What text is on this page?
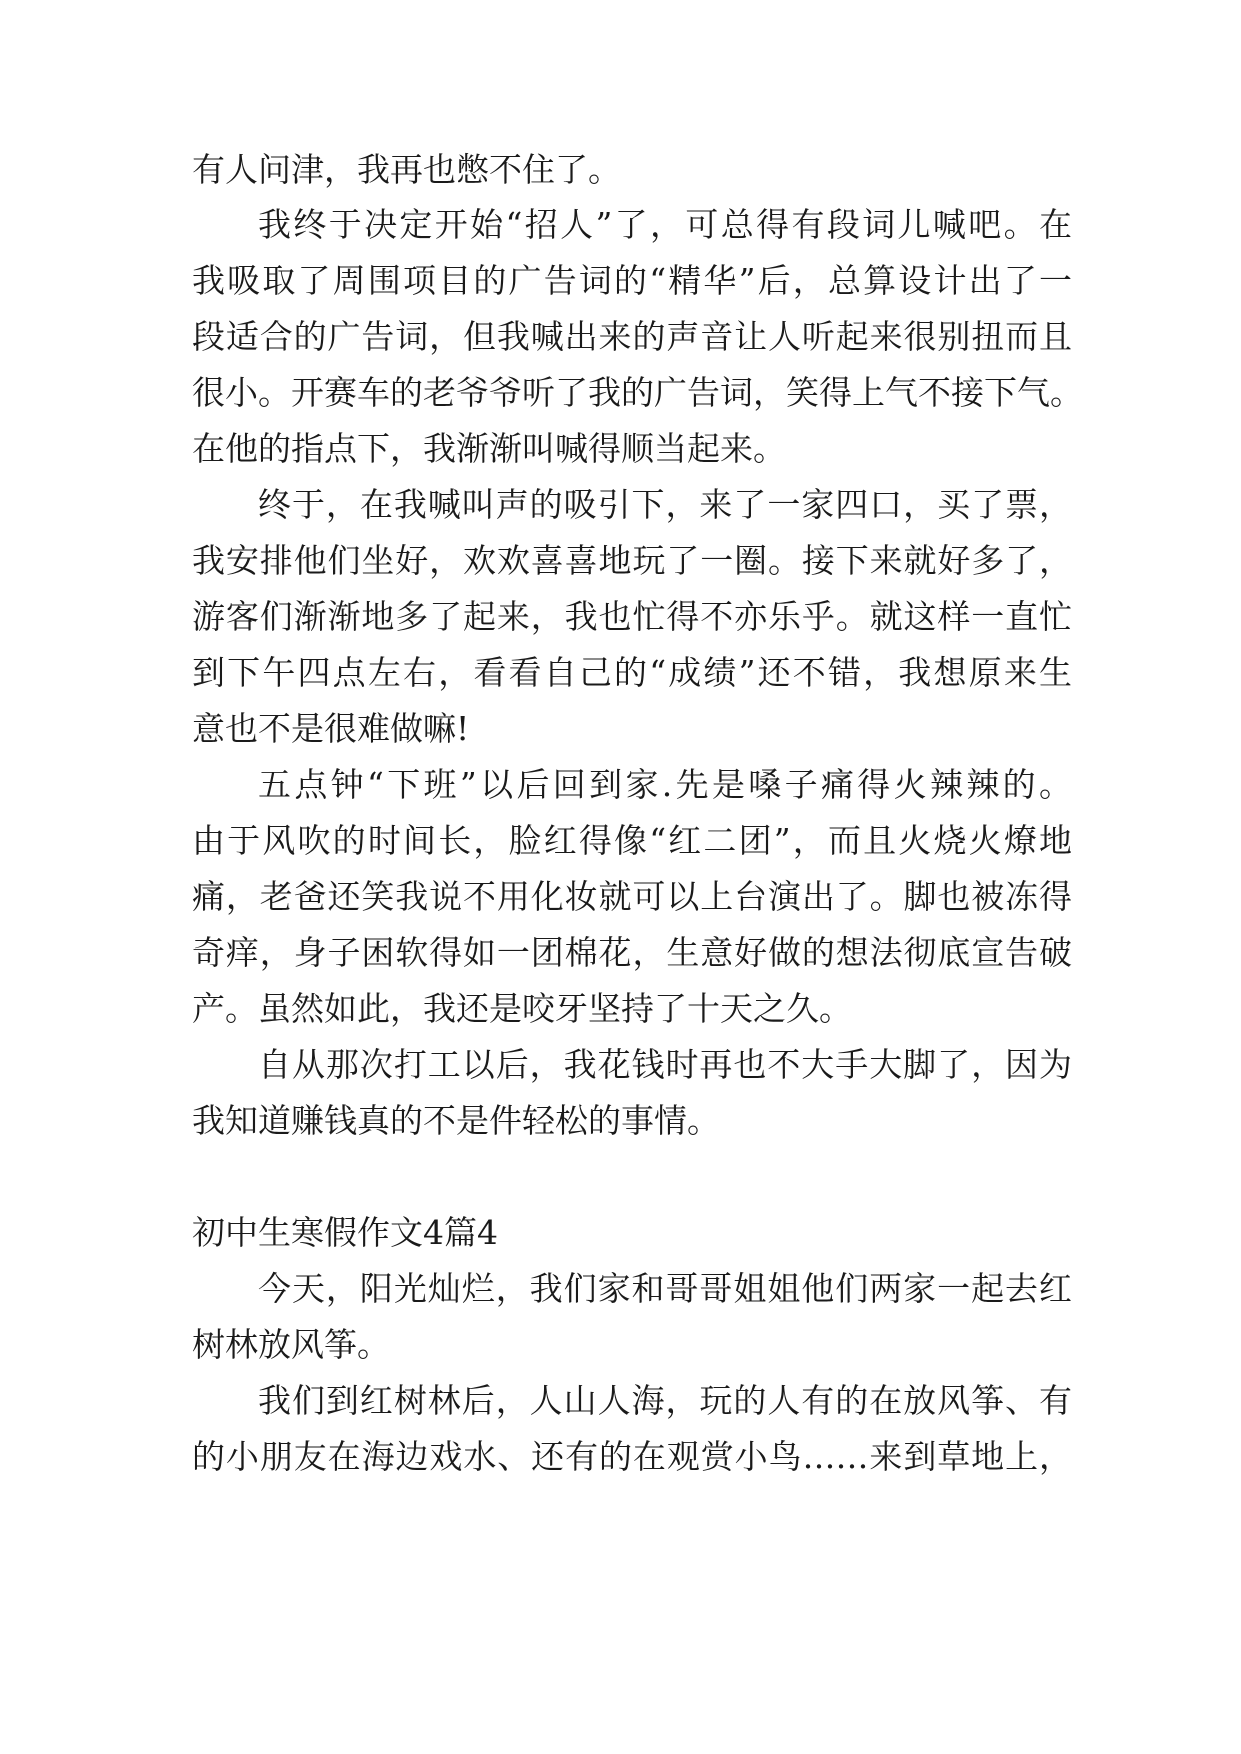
有人问津，我再也憋不住了。
我终于决定开始“招人”了，可总得有段词儿喊吧。在
我吸取了周围项目的广告词的“精华”后，总算设计出了一
段适合的广告词，但我喊出来的声音让人听起来很别扭而且
很小。开赛车的老爷爷听了我的广告词，笑得上气不接下气。
在他的指点下，我渐渐叫喊得顺当起来。
终于，在我喊叫声的吸引下，来了一家四口，买了票，
我安排他们坐好，欢欢喜喜地玩了一圈。接下来就好多了，
游客们渐渐地多了起来，我也忙得不亦乐乎。就这样一直忙
到下午四点左右，看看自己的“成绩”还不错，我想原来生
意也不是很难做嘛!
五点钟“下班”以后回到家.先是嗓子痛得火辣辣的。
由于风吹的时间长，脸红得像“红二团”，而且火烧火燎地
痛，老爸还笑我说不用化妆就可以上台演出了。脚也被冻得
奇痒，身子困软得如一团棉花，生意好做的想法彻底宣告破
产。虽然如此，我还是咬牙坚持了十天之久。
自从那次打工以后，我花钱时再也不大手大脚了，因为
我知道赚钱真的不是件轻松的事情。
初中生寒假作文4篇4
今天，阳光灿烂，我们家和哥哥姐姐他们两家一起去红
树林放风筝。
我们到红树林后，人山人海，玩的人有的在放风筝、有
的小朋友在海边戏水、还有的在观赏小鸟……来到草地上，
